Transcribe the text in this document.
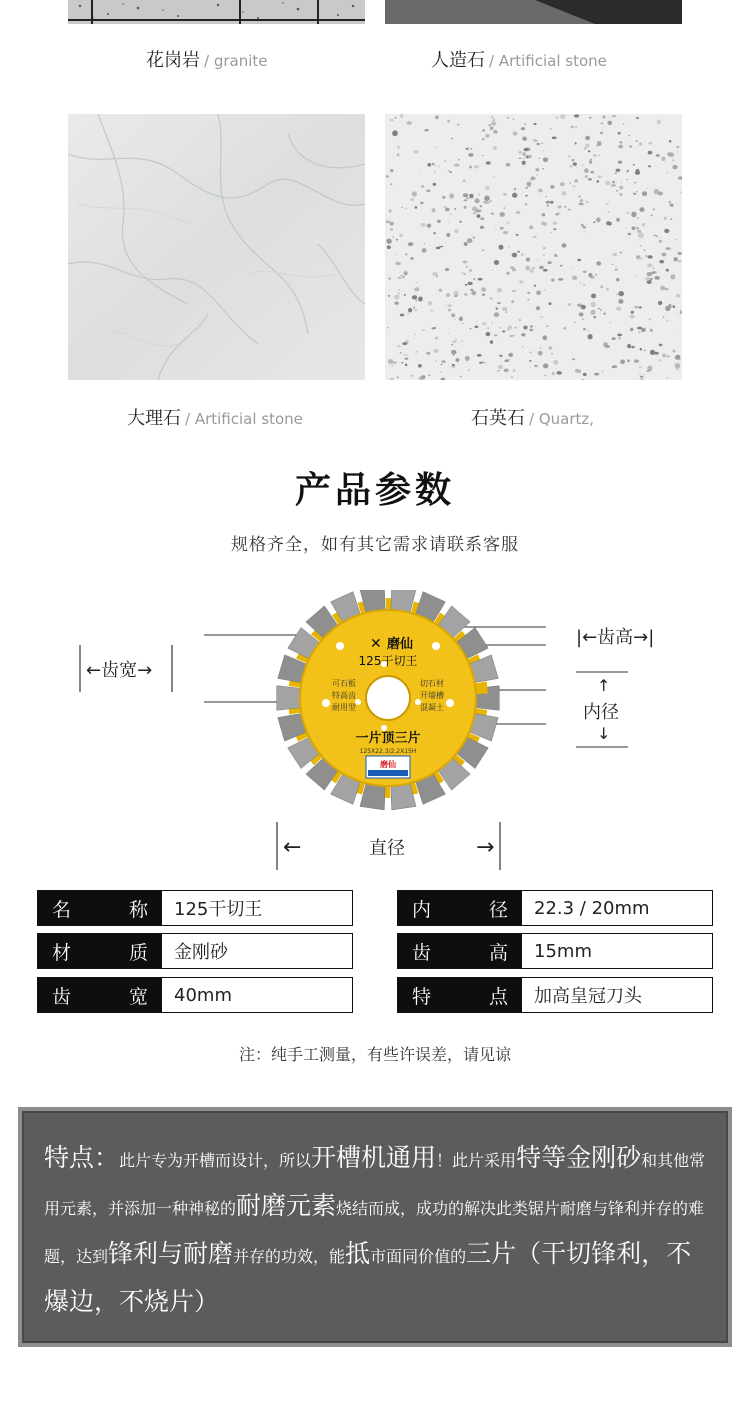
花岗岩 / granite	人造石 / Artificial stone
大理石 / Artificial stone	石英石 / Quartz,
产品参数
规格齐全，如有其它需求请联系客服
磨仙
✕ 磨仙
125干切王
可石板
特高齿
耐用型
切石材
开墙槽
混凝土
一片顶三片
125X22.3/2.2X15H
←齿宽→
|←齿高→|
↑
内径
↓
←	直径	→
名	称	125干切王	内	径	22.3 / 20mm
材	质	金刚砂	齿	高	15mm
齿	宽	40mm	特	点	加高皇冠刀头
注：纯手工测量，有些许误差，请见谅
特点：此片专为开槽而设计，所以开槽机通用！此片采用特等金刚砂和其他常用元素，并添加一种神秘的耐磨元素烧结而成，成功的解决此类锯片耐磨与锋利并存的难题，达到锋利与耐磨并存的功效，能抵市面同价值的三片（干切锋利，不爆边，不烧片）
